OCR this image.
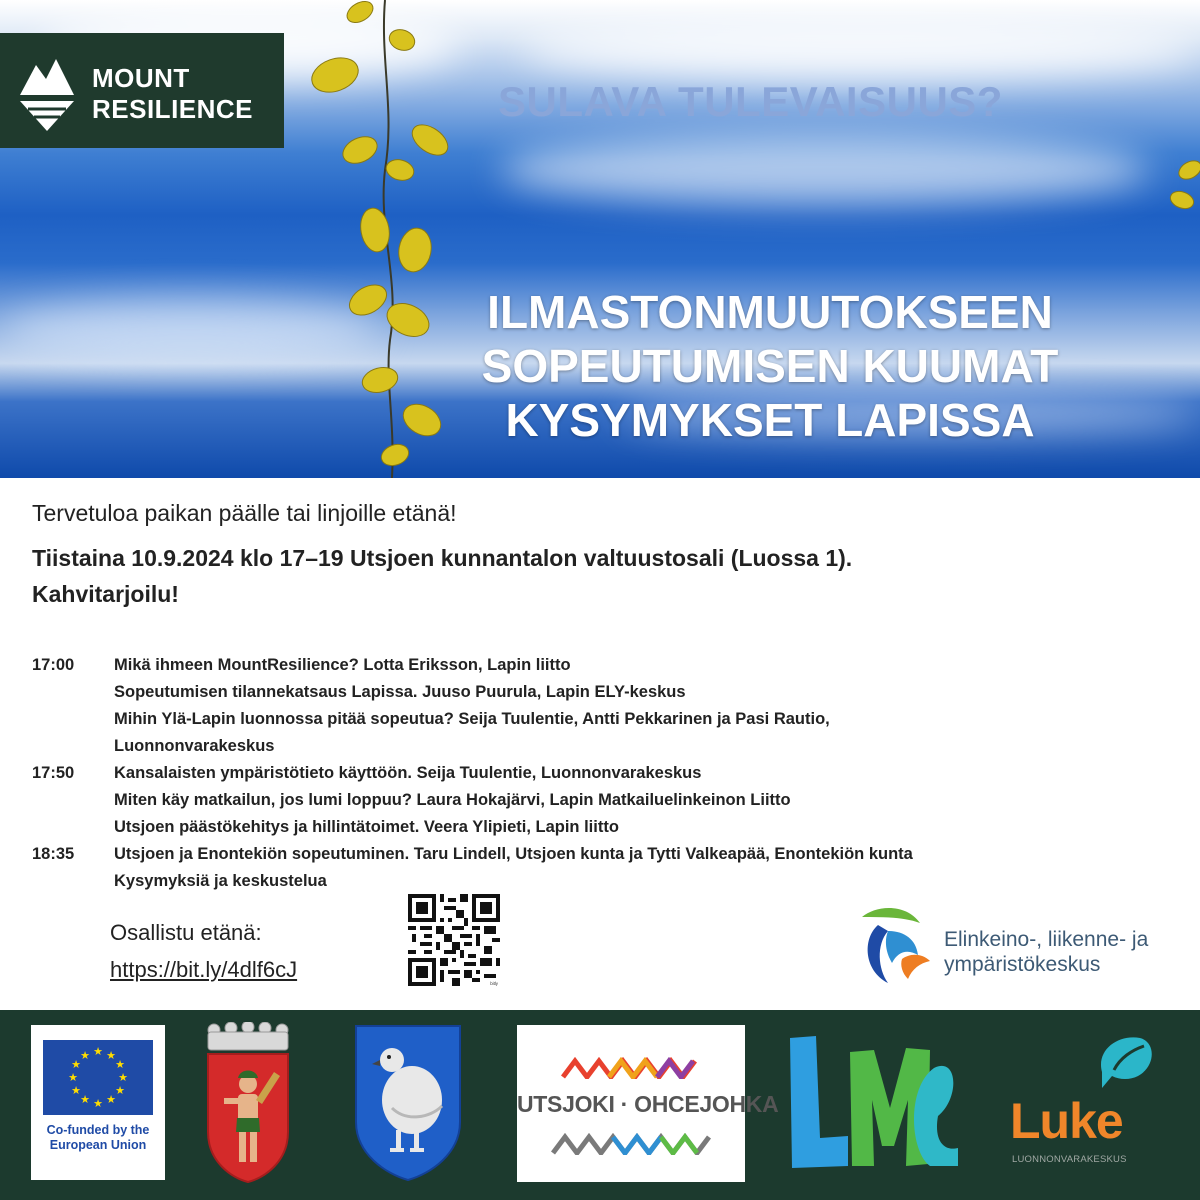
MOUNT
RESILIENCE	SULAVA TULEVAISUUS?
ILMASTONMUUTOKSEEN
SOPEUTUMISEN KUUMAT
KYSYMYKSET LAPISSA
Tervetuloa paikan päälle tai linjoille etänä!
Tiistaina 10.9.2024 klo 17–19 Utsjoen kunnantalon valtuustosali (Luossa 1).
Kahvitarjoilu!
17:00	Mikä ihmeen MountResilience? Lotta Eriksson, Lapin liitto
Sopeutumisen tilannekatsaus Lapissa. Juuso Puurula, Lapin ELY-keskus
Mihin Ylä-Lapin luonnossa pitää sopeutua? Seija Tuulentie, Antti Pekkarinen ja Pasi Rautio,
Luonnonvarakeskus
17:50	Kansalaisten ympäristötieto käyttöön. Seija Tuulentie, Luonnonvarakeskus
Miten käy matkailun, jos lumi loppuu? Laura Hokajärvi, Lapin Matkailuelinkeinon Liitto
Utsjoen päästökehitys ja hillintätoimet. Veera Ylipieti, Lapin liitto
18:35	Utsjoen ja Enontekiön sopeutuminen. Taru Lindell, Utsjoen kunta ja Tytti Valkeapää, Enontekiön kunta
Kysymyksiä ja keskustelua
Osallistu etänä:
https://bit.ly/4dlf6cJ
bitly
Elinkeino-, liikenne- ja
ympäristökeskus
★ ★
★
★
★
★
★
★
★
★
★
★
Co-funded by the
European Union
UTSJOKI · OHCEJOHKA	Luke
LUONNONVARAKESKUS
